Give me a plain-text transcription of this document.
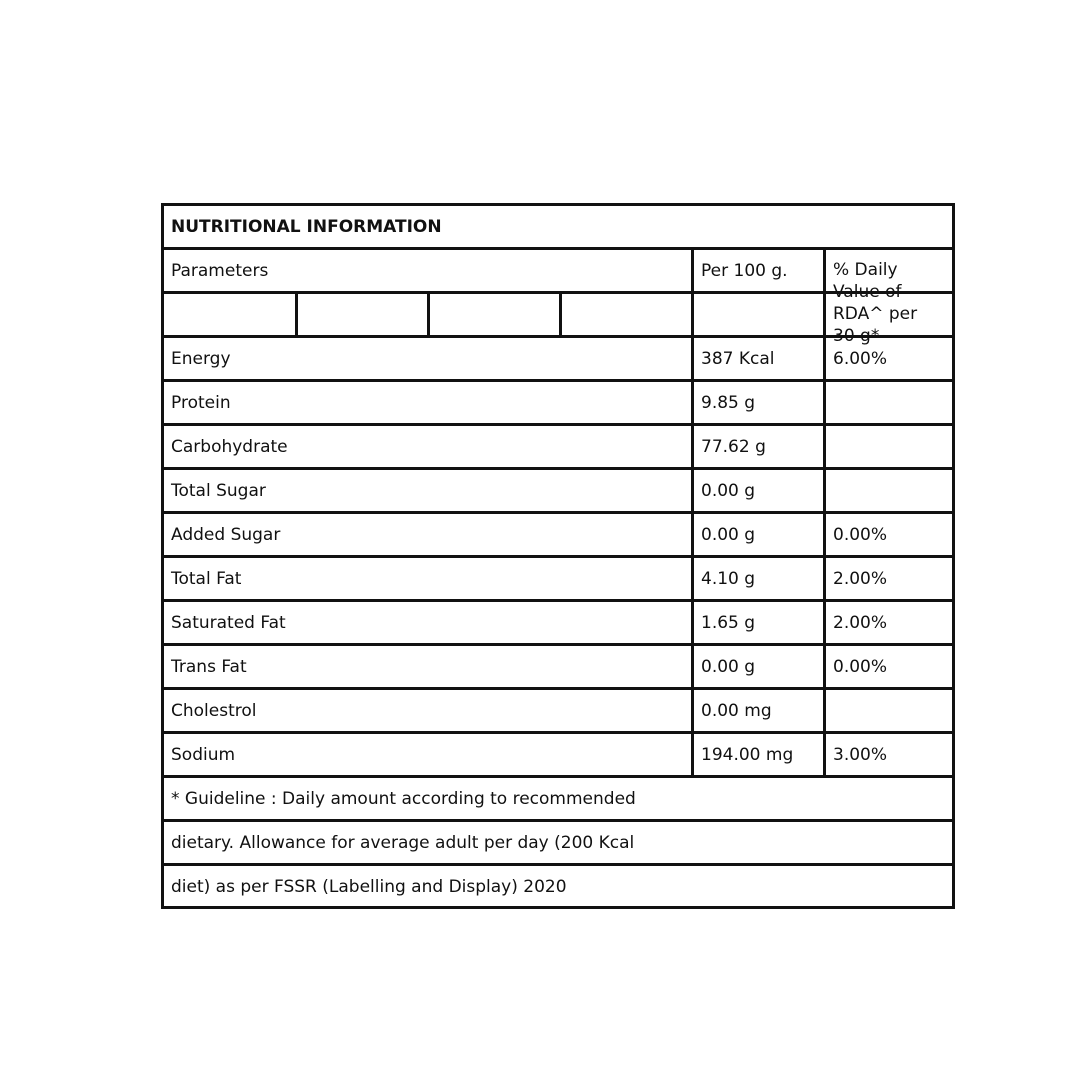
NUTRITIONAL INFORMATION
Parameters	Per 100 g.	% Daily Value of
RDA^ per 30 g*
Energy	387 Kcal	6.00%
Protein	9.85 g
Carbohydrate	77.62 g
Total Sugar	0.00 g
Added Sugar	0.00 g	0.00%
Total Fat	4.10 g	2.00%
Saturated Fat	1.65 g	2.00%
Trans Fat	0.00 g	0.00%
Cholestrol	0.00 mg
Sodium	194.00 mg 3.00%
* Guideline : Daily amount according to recommended
dietary. Allowance for average adult per day (200 Kcal
diet) as per FSSR (Labelling and Display) 2020
